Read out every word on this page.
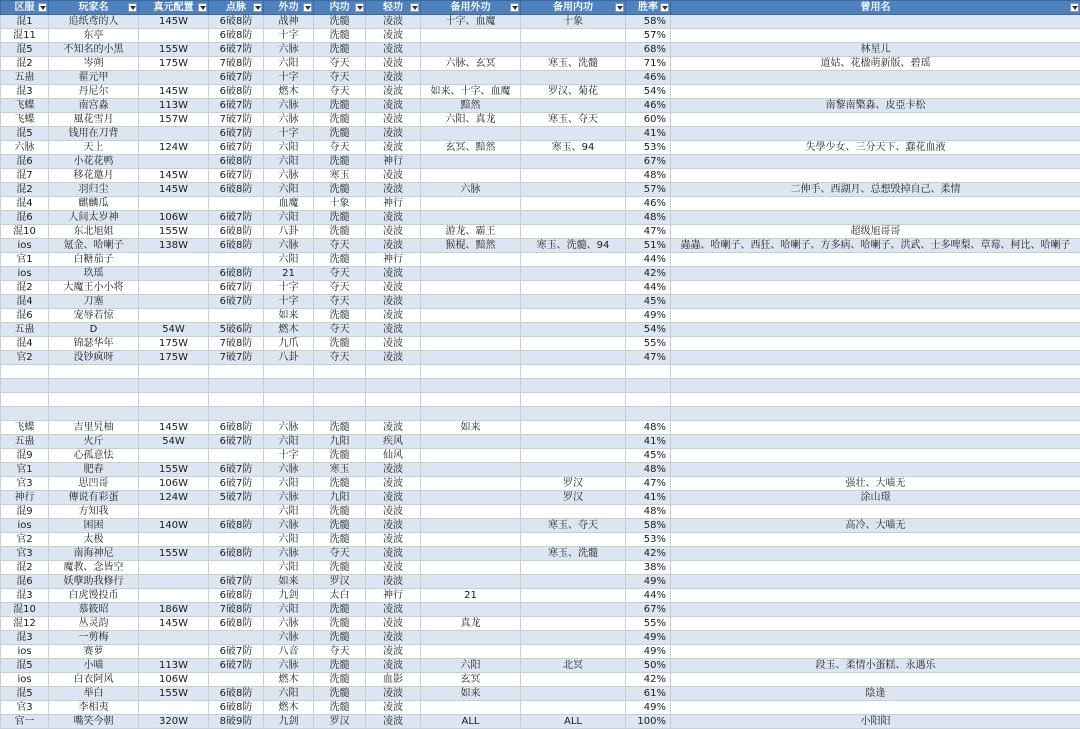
区服	玩家名	真元配置	点脉	外功	内功	轻功	备用外功	备用内功	胜率	曾用名

混1	追纸鸢的人	145W	6破8防	战神	洗髓	凌波	十字、血魔	十象	58%	
混11	东亭		6破8防	十字	洗髓	凌波			57%	
混5	不知名的小黑	155W	6破7防	六脉	洗髓	凌波			68%	林星儿
混2	岑朔	175W	7破8防	六阳	夺天	凌波	六脉、玄冥	寒玉、洗髓	71%	道姑、花楹萌新版、碧瑶
五蛊	翟元甲		6破7防	十字	夺天	凌波			46%	
混3	丹尼尔	145W	6破8防	燃木	夺天	凌波	如来、十字、血魔	罗汉、菊花	54%	
飞蝶	南宫淼	113W	6破7防	六脉	洗髓	凌波	黯然		46%	南黎南檠淼、皮亞卡松
飞蝶	風花雪月	157W	7破7防	六脉	洗髓	凌波	六阳、真龙	寒玉、夺天	60%	
混5	钱用在刀背		6破7防	十字	洗髓	凌波			41%	
六脉	天上	124W	6破7防	六阳	夺天	凌波	玄冥、黯然	寒玉、94	53%	失學少女、三分天下、蠢花血液
混6	小花花鸭		6破8防	六阳	洗髓	神行			67%	
混7	移花邀月	145W	6破7防	六脉	寒玉	凌波			48%	
混2	羽归尘	145W	6破8防	六阳	洗髓	凌波	六脉		57%	二伸手、西湖月、总想毁掉自己、柔情
混4	麒麟瓜			血魔	十象	神行			46%	
混6	人间太岁神	106W	6破7防	六阳	洗髓	凌波			48%	
混10	东北旭姐	155W	6破8防	八卦	洗髓	凌波	游龙、霸王		47%	超级旭哥哥
ios	氪金、哈喇子	138W	6破8防	六脉	夺天	凌波	猴棍、黯然	寒玉、洗髓、94	51%	蟲蟲、哈喇子、西狂、哈喇子、方多病、哈喇子、洪武、士多啤梨、草莓、柯比、哈喇子
官1	白糖茄子			六阳	洗髓	神行			44%	
ios	玖瑶		6破8防	21	夺天	凌波			42%	
混2	大魔王小小将		6破7防	十字	夺天	凌波			44%	
混4	刀塞		6破7防	十字	夺天	凌波			45%	
混6	宠辱若惊			如来	洗髓	凌波			49%	
五蛊	D	54W	5破6防	燃木	夺天	凌波			54%	
混4	锦瑟华年	175W	7破8防	九爪	洗髓	凌波			55%	
官2	没钞疯呀	175W	7破7防	八卦	夺天	凌波			47%	

飞蝶	吉里旯柚	145W	6破8防	六脉	洗髓	凌波	如来		48%	
五蛊	火斤	54W	6破7防	六阳	九阳	疾风			41%	
混9	心孤意怯			十字	洗髓	仙风			45%	
官1	肥春	155W	6破7防	六脉	寒玉	凌波			48%	
官3	思凹哥	106W	6破7防	六阳	洗髓	凌波		罗汉	47%	强壮、大喵无
神行	傳说有彩蛋	124W	5破7防	六脉	九阳	凌波		罗汉	41%	涂山璟
混9	方知我			六阳	洗髓	凌波			48%	
ios	困困	140W	6破8防	六脉	洗髓	凌波		寒玉、夺天	58%	高冷、大喵无
官2	太极			六阳	洗髓	凌波			53%	
官3	南海神尼	155W	6破8防	六脉	夺天	凌波		寒玉、洗髓	42%	
混2	魔教、念皆空			六阳	洗髓	凌波			38%	
混6	妖孽助我修行		6破7防	如来	罗汉	凌波			49%	
混3	白虎馒投币		6破8防	九剑	太白	神行	21		44%	
混10	慕筱昭	186W	7破8防	六阳	洗髓	凌波			67%	
混12	丛灵韵	145W	6破8防	六脉	洗髓	凌波	真龙		55%	
混3	一剪梅			六脉	洗髓	凌波			49%	
ios	赛萝		6破7防	八音	夺天	凌波			49%	
混5	小喵	113W	6破7防	六脉	洗髓	凌波	六阳	北冥	50%	段玉、柔情小蛋糕、永遇乐
ios	白衣阿风	106W		燃木	洗髓	血影	玄冥		42%	
混5	举白	155W	6破8防	六阳	洗髓	凌波	如来		61%	陰逢
官3	李相夷		6破8防	燃木	洗髓	凌波			49%	
官一	嘴笑今朝	320W	8破9防	九剑	罗汉	凌波	ALL	ALL	100%	小阳阳
